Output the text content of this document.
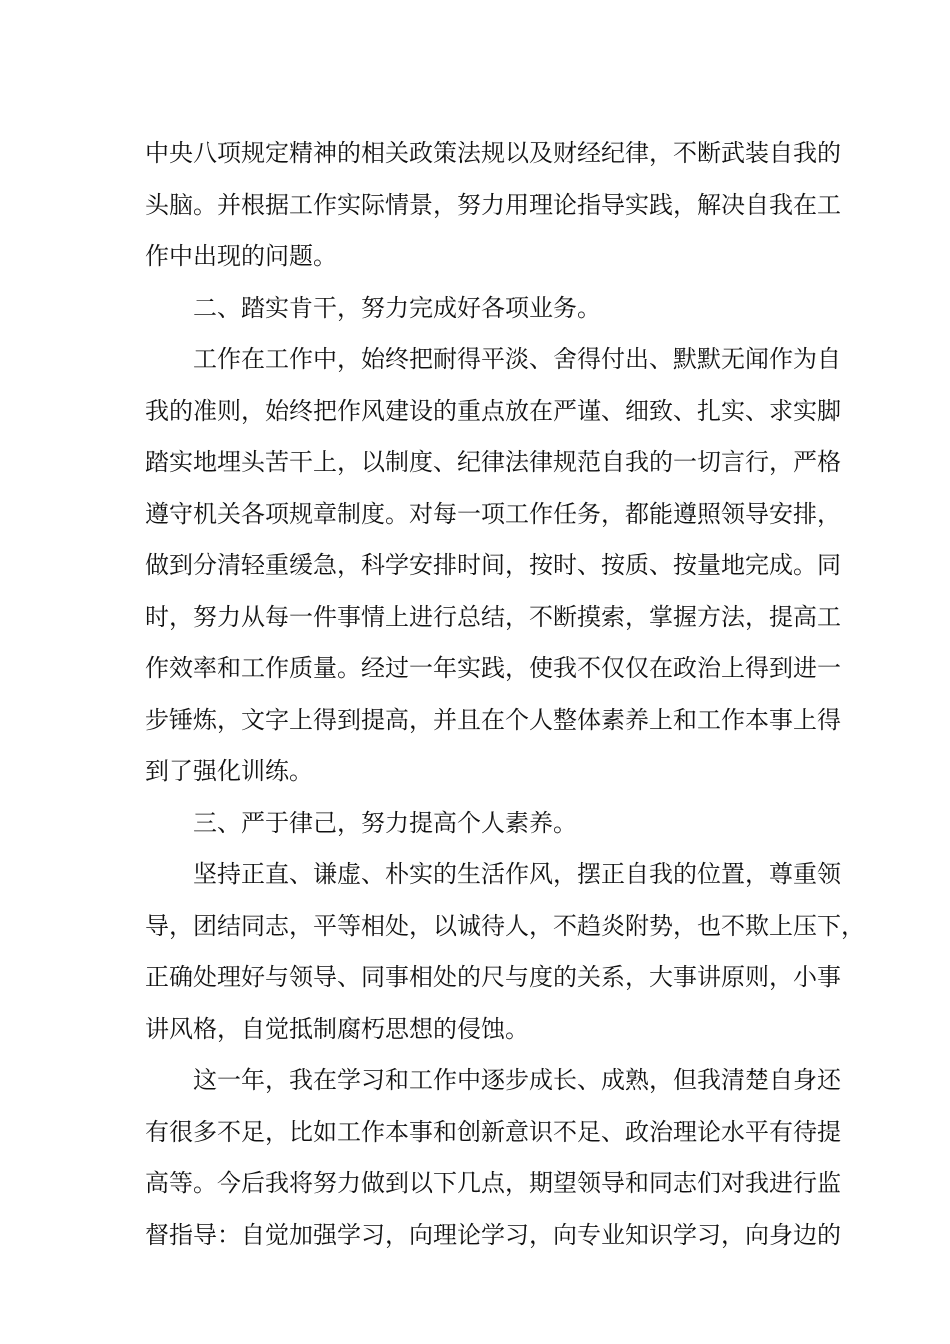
中央八项规定精神的相关政策法规以及财经纪律，不断武装自我的
头脑。并根据工作实际情景，努力用理论指导实践，解决自我在工
作中出现的问题。
二、踏实肯干，努力完成好各项业务。
工作在工作中，始终把耐得平淡、舍得付出、默默无闻作为自
我的准则，始终把作风建设的重点放在严谨、细致、扎实、求实脚
踏实地埋头苦干上，以制度、纪律法律规范自我的一切言行，严格
遵守机关各项规章制度。对每一项工作任务，都能遵照领导安排，
做到分清轻重缓急，科学安排时间，按时、按质、按量地完成。同
时，努力从每一件事情上进行总结，不断摸索，掌握方法，提高工
作效率和工作质量。经过一年实践，使我不仅仅在政治上得到进一
步锤炼，文字上得到提高，并且在个人整体素养上和工作本事上得
到了强化训练。
三、严于律己，努力提高个人素养。
坚持正直、谦虚、朴实的生活作风，摆正自我的位置，尊重领
导，团结同志，平等相处，以诚待人，不趋炎附势，也不欺上压下，
正确处理好与领导、同事相处的尺与度的关系，大事讲原则，小事
讲风格，自觉抵制腐朽思想的侵蚀。
这一年，我在学习和工作中逐步成长、成熟，但我清楚自身还
有很多不足，比如工作本事和创新意识不足、政治理论水平有待提
高等。今后我将努力做到以下几点，期望领导和同志们对我进行监
督指导：自觉加强学习，向理论学习，向专业知识学习，向身边的
